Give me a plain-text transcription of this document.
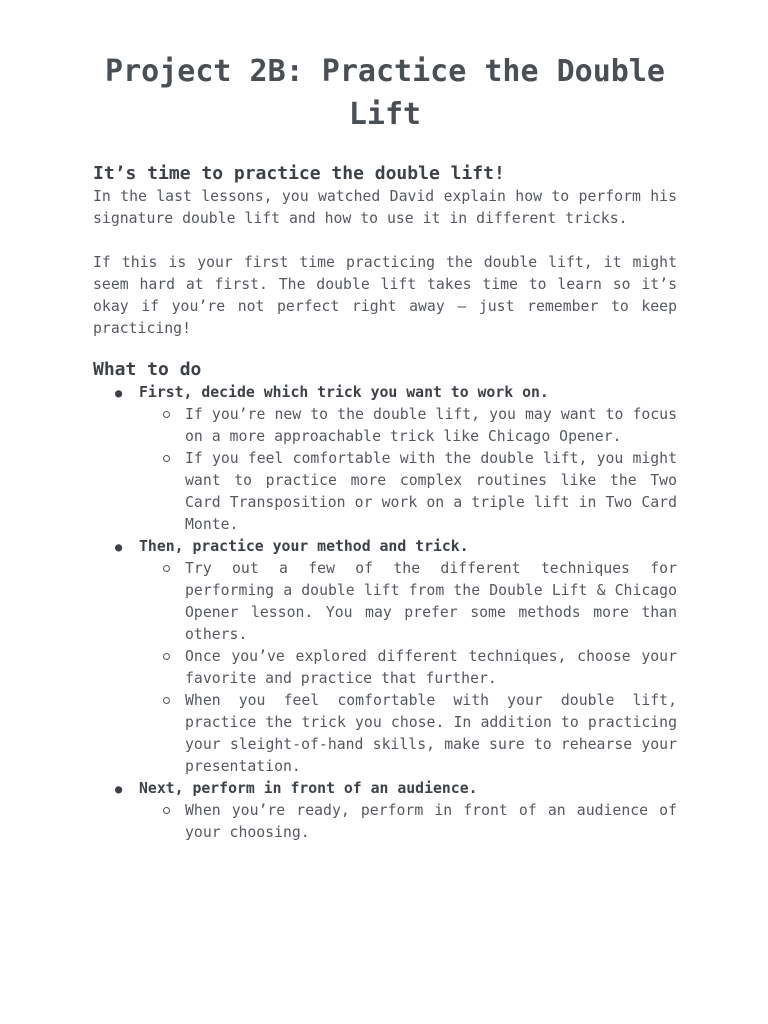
Project 2B: Practice the Double Lift
It’s time to practice the double lift!

In the last lessons, you watched David explain how to perform his signature double lift and how to use it in different tricks.

If this is your first time practicing the double lift, it might seem hard at first. The double lift takes time to learn so it’s okay if you’re not perfect right away — just remember to keep practicing!

What to do
● First, decide which trick you want to work on.
If you’re new to the double lift, you may want to focus on a more approachable trick like Chicago Opener.
If you feel comfortable with the double lift, you might want to practice more complex routines like the Two Card Transposition or work on a triple lift in Two Card Monte.
● Then, practice your method and trick.
Try out a few of the different techniques for performing a double lift from the Double Lift & Chicago Opener lesson. You may prefer some methods more than others.
Once you’ve explored different techniques, choose your favorite and practice that further.
When you feel comfortable with your double lift, practice the trick you chose. In addition to practicing your sleight-of-hand skills, make sure to rehearse your presentation.
● Next, perform in front of an audience.
When you’re ready, perform in front of an audience of your choosing.
